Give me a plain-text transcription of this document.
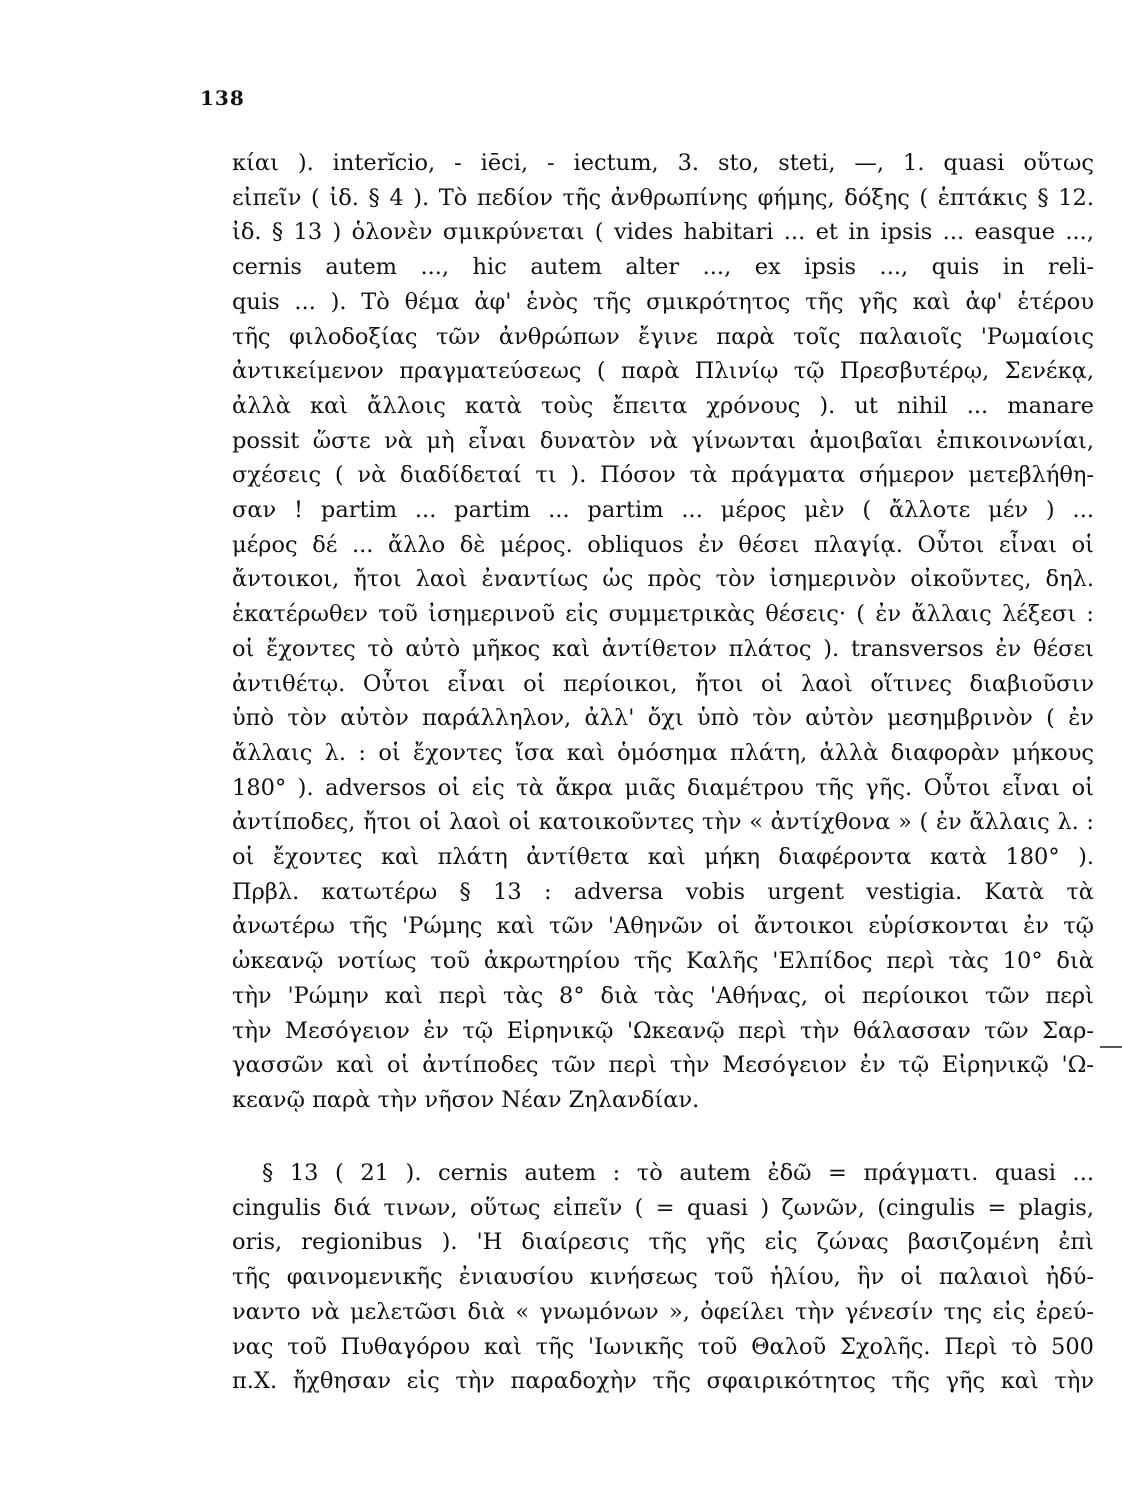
138
κίαι ). interĭcio, - iēci, - iectum, 3. sto, steti, —, 1. quasi οὕτως
εἰπεῖν ( ἰδ. § 4 ). Τὸ πεδίον τῆς ἀνθρωπίνης φήμης, δόξης ( ἑπτάκις § 12.
ἰδ. § 13 ) ὁλονὲν σμικρύνεται ( vides habitari ... et in ipsis ... easque ...,
cernis autem ..., hic autem alter ..., ex ipsis ..., quis in reli-
quis ... ). Τὸ θέμα ἀφ' ἑνὸς τῆς σμικρότητος τῆς γῆς καὶ ἀφ' ἑτέρου
τῆς φιλοδοξίας τῶν ἀνθρώπων ἔγινε παρὰ τοῖς παλαιοῖς 'Ρωμαίοις
ἀντικείμενον πραγματεύσεως ( παρὰ Πλινίῳ τῷ Πρεσβυτέρῳ, Σενέκᾳ,
ἀλλὰ καὶ ἄλλοις κατὰ τοὺς ἔπειτα χρόνους ). ut nihil ... manare
possit ὥστε νὰ μὴ εἶναι δυνατὸν νὰ γίνωνται ἀμοιβαῖαι ἐπικοινωνίαι,
σχέσεις ( νὰ διαδίδεταί τι ). Πόσον τὰ πράγματα σήμερον μετεβλήθη-
σαν ! partim ... partim ... partim ... μέρος μὲν ( ἄλλοτε μέν ) ...
μέρος δέ ... ἄλλο δὲ μέρος. obliquos ἐν θέσει πλαγίᾳ. Οὗτοι εἶναι οἱ
ἄντοικοι, ἤτοι λαοὶ ἐναντίως ὡς πρὸς τὸν ἰσημερινὸν οἰκοῦντες, δηλ.
ἑκατέρωθεν τοῦ ἰσημερινοῦ εἰς συμμετρικὰς θέσεις· ( ἐν ἄλλαις λέξεσι :
οἱ ἔχοντες τὸ αὐτὸ μῆκος καὶ ἀντίθετον πλάτος ). transversos ἐν θέσει
ἀντιθέτῳ. Οὗτοι εἶναι οἱ περίοικοι, ἤτοι οἱ λαοὶ οἵτινες διαβιοῦσιν
ὑπὸ τὸν αὐτὸν παράλληλον, ἀλλ' ὄχι ὑπὸ τὸν αὐτὸν μεσημβρινὸν ( ἐν
ἄλλαις λ. : οἱ ἔχοντες ἴσα καὶ ὁμόσημα πλάτη, ἀλλὰ διαφορὰν μήκους
180° ). adversos οἱ εἰς τὰ ἄκρα μιᾶς διαμέτρου τῆς γῆς. Οὗτοι εἶναι οἱ
ἀντίποδες, ἤτοι οἱ λαοὶ οἱ κατοικοῦντες τὴν « ἀντίχθονα » ( ἐν ἄλλαις λ. :
οἱ ἔχοντες καὶ πλάτη ἀντίθετα καὶ μήκη διαφέροντα κατὰ 180° ).
Πρβλ. κατωτέρω § 13 : adversa vobis urgent vestigia. Κατὰ τὰ
ἀνωτέρω τῆς 'Ρώμης καὶ τῶν 'Αθηνῶν οἱ ἄντοικοι εὑρίσκονται ἐν τῷ
ὠκεανῷ νοτίως τοῦ ἀκρωτηρίου τῆς Καλῆς 'Ελπίδος περὶ τὰς 10° διὰ
τὴν 'Ρώμην καὶ περὶ τὰς 8° διὰ τὰς 'Αθήνας, οἱ περίοικοι τῶν περὶ
τὴν Μεσόγειον ἐν τῷ Εἰρηνικῷ 'Ωκεανῷ περὶ τὴν θάλασσαν τῶν Σαρ-
γασσῶν καὶ οἱ ἀντίποδες τῶν περὶ τὴν Μεσόγειον ἐν τῷ Εἰρηνικῷ 'Ω-
κεανῷ παρὰ τὴν νῆσον Νέαν Ζηλανδίαν.
§ 13 ( 21 ). cernis autem : τὸ autem ἐδῶ = πράγματι. quasi ...
cingulis διά τινων, οὕτως εἰπεῖν ( = quasi ) ζωνῶν, (cingulis = plagis,
oris, regionibus ). 'Η διαίρεσις τῆς γῆς εἰς ζώνας βασιζομένη ἐπὶ
τῆς φαινομενικῆς ἐνιαυσίου κινήσεως τοῦ ἡλίου, ἣν οἱ παλαιοὶ ἠδύ-
ναντο νὰ μελετῶσι διὰ « γνωμόνων », ὀφείλει τὴν γένεσίν της εἰς ἐρεύ-
νας τοῦ Πυθαγόρου καὶ τῆς 'Ιωνικῆς τοῦ Θαλοῦ Σχολῆς. Περὶ τὸ 500
π.Χ. ἤχθησαν εἰς τὴν παραδοχὴν τῆς σφαιρικότητος τῆς γῆς καὶ τὴν
